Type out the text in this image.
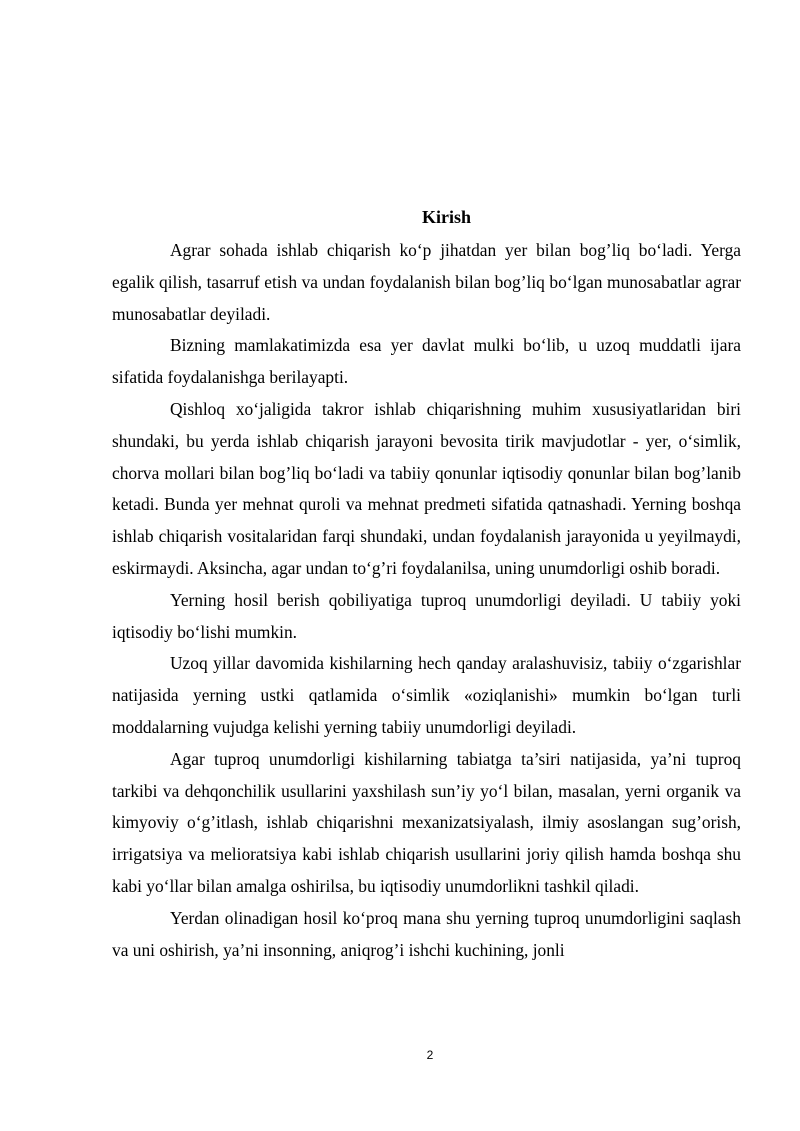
Kirish

Agrar sohada ishlab chiqarish ko‘p jihatdan yer bilan bog’liq bo‘ladi. Yerga egalik qilish, tasarruf etish va undan foydalanish bilan bog’liq bo‘lgan munosabatlar agrar munosabatlar deyiladi.

Bizning mamlakatimizda esa yer davlat mulki bo‘lib, u uzoq muddatli ijara sifatida foydalanishga berilayapti.

Qishloq xo‘jaligida takror ishlab chiqarishning muhim xususiyatlaridan biri shundaki, bu yerda ishlab chiqarish jarayoni bevosita tirik mavjudotlar - yer, o‘simlik, chorva mollari bilan bog’liq bo‘ladi va tabiiy qonunlar iqtisodiy qonunlar bilan bog’lanib ketadi. Bunda yer mehnat quroli va mehnat predmeti sifatida qatnashadi. Yerning boshqa ishlab chiqarish vositalaridan farqi shundaki, undan foydalanish jarayonida u yeyilmaydi, eskirmaydi. Aksincha, agar undan to‘g’ri foydalanilsa, uning unumdorligi oshib boradi.

Yerning hosil berish qobiliyatiga tuproq unumdorligi deyiladi. U tabiiy yoki iqtisodiy bo‘lishi mumkin.

Uzoq yillar davomida kishilarning hech qanday aralashuvisiz, tabiiy o‘zgarishlar natijasida yerning ustki qatlamida o‘simlik «oziqlanishi» mumkin bo‘lgan turli moddalarning vujudga kelishi yerning tabiiy unumdorligi deyiladi.

Agar tuproq unumdorligi kishilarning tabiatga ta’siri natijasida, ya’ni tuproq tarkibi va dehqonchilik usullarini yaxshilash sun’iy yo‘l bilan, masalan, yerni organik va kimyoviy o‘g’itlash, ishlab chiqarishni mexanizatsiyalash, ilmiy asoslangan sug’orish, irrigatsiya va melioratsiya kabi ishlab chiqarish usullarini joriy qilish hamda boshqa shu kabi yo‘llar bilan amalga oshirilsa, bu iqtisodiy unumdorlikni tashkil qiladi.

Yerdan olinadigan hosil ko‘proq mana shu yerning tuproq unumdorligini saqlash va uni oshirish, ya’ni insonning, aniqrog’i ishchi kuchining, jonli

2
